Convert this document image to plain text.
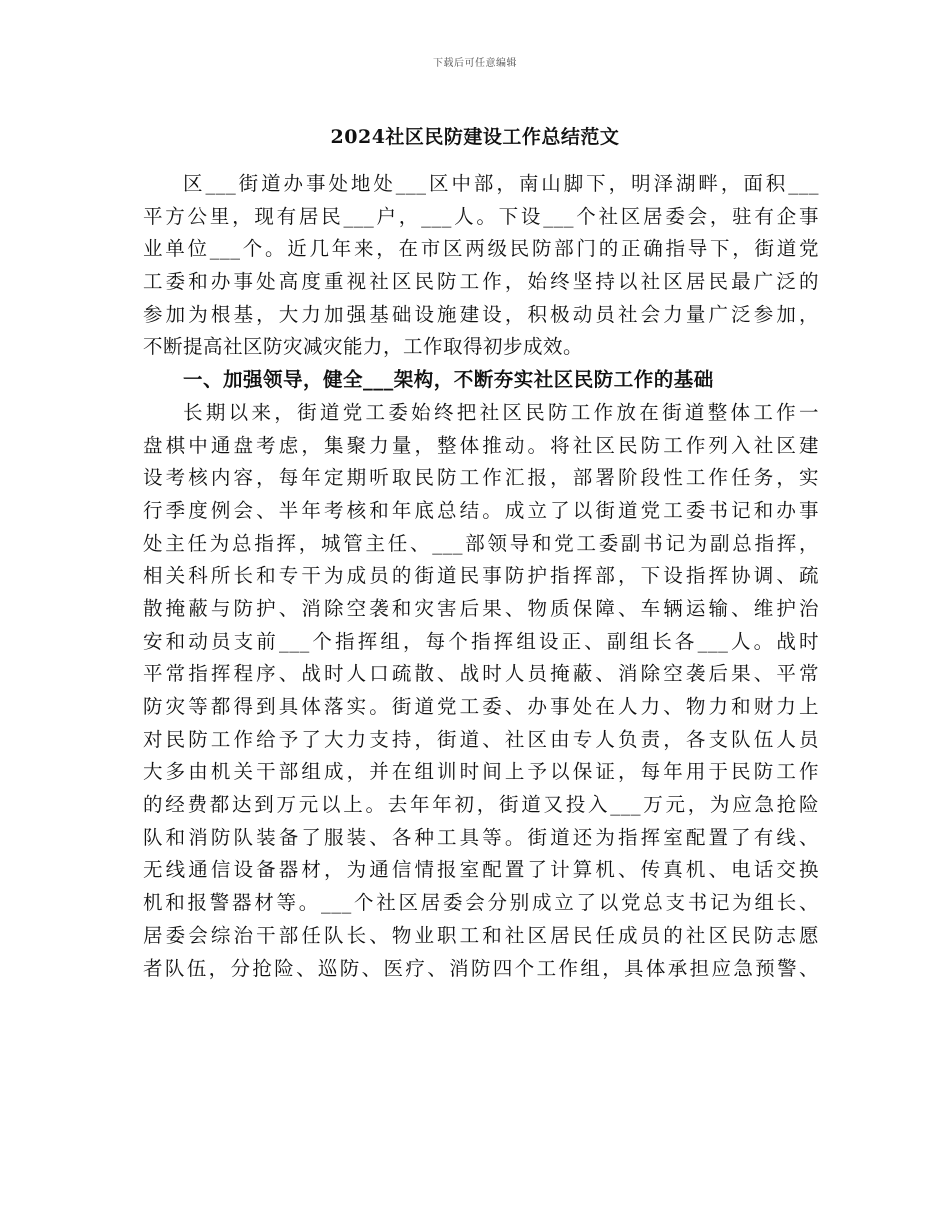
下载后可任意编辑
2024社区民防建设工作总结范文
区___街道办事处地处___区中部，南山脚下，明泽湖畔，面积___
平方公里，现有居民___户，___人。下设___个社区居委会，驻有企事
业单位___个。近几年来，在市区两级民防部门的正确指导下，街道党
工委和办事处高度重视社区民防工作，始终坚持以社区居民最广泛的
参加为根基，大力加强基础设施建设，积极动员社会力量广泛参加，
不断提高社区防灾减灾能力，工作取得初步成效。
一、加强领导，健全___架构，不断夯实社区民防工作的基础
长期以来，街道党工委始终把社区民防工作放在街道整体工作一
盘棋中通盘考虑，集聚力量，整体推动。将社区民防工作列入社区建
设考核内容，每年定期听取民防工作汇报，部署阶段性工作任务，实
行季度例会、半年考核和年底总结。成立了以街道党工委书记和办事
处主任为总指挥，城管主任、___部领导和党工委副书记为副总指挥，
相关科所长和专干为成员的街道民事防护指挥部，下设指挥协调、疏
散掩蔽与防护、消除空袭和灾害后果、物质保障、车辆运输、维护治
安和动员支前___个指挥组，每个指挥组设正、副组长各___人。战时
平常指挥程序、战时人口疏散、战时人员掩蔽、消除空袭后果、平常
防灾等都得到具体落实。街道党工委、办事处在人力、物力和财力上
对民防工作给予了大力支持，街道、社区由专人负责，各支队伍人员
大多由机关干部组成，并在组训时间上予以保证，每年用于民防工作
的经费都达到万元以上。去年年初，街道又投入___万元，为应急抢险
队和消防队装备了服装、各种工具等。街道还为指挥室配置了有线、
无线通信设备器材，为通信情报室配置了计算机、传真机、电话交换
机和报警器材等。___个社区居委会分别成立了以党总支书记为组长、
居委会综治干部任队长、物业职工和社区居民任成员的社区民防志愿
者队伍，分抢险、巡防、医疗、消防四个工作组，具体承担应急预警、
